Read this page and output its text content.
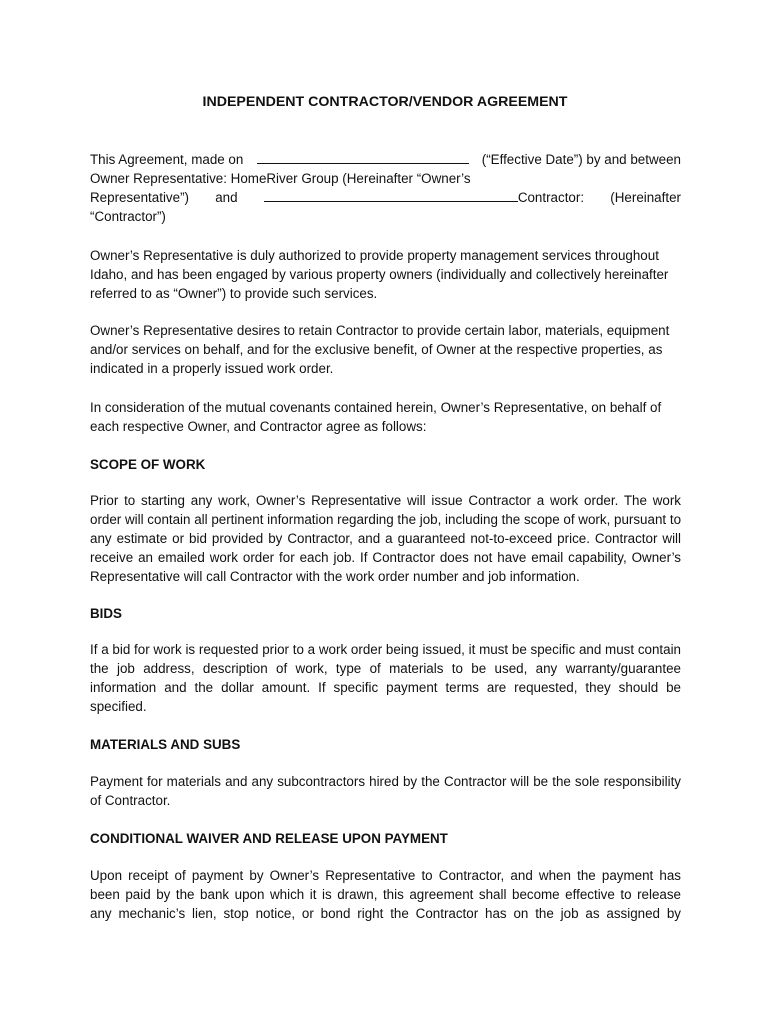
INDEPENDENT CONTRACTOR/VENDOR AGREEMENT
This Agreement, made on	(“Effective Date”) by and between
Owner Representative: HomeRiver Group (Hereinafter “Owner’s
Representative”) and	Contractor: (Hereinafter
“Contractor”)
Owner’s Representative is duly authorized to provide property management services throughout Idaho, and has been engaged by various property owners (individually and collectively hereinafter referred to as “Owner”) to provide such services.
Owner’s Representative desires to retain Contractor to provide certain labor, materials, equipment and/or services on behalf, and for the exclusive benefit, of Owner at the respective properties, as indicated in a properly issued work order.
In consideration of the mutual covenants contained herein, Owner’s Representative, on behalf of each respective Owner, and Contractor agree as follows:
SCOPE OF WORK
Prior to starting any work, Owner’s Representative will issue Contractor a work order. The work order will contain all pertinent information regarding the job, including the scope of work, pursuant to any estimate or bid provided by Contractor, and a guaranteed not-to-exceed price. Contractor will receive an emailed work order for each job. If Contractor does not have email capability, Owner’s Representative will call Contractor with the work order number and job information.
BIDS
If a bid for work is requested prior to a work order being issued, it must be specific and must contain the job address, description of work, type of materials to be used, any warranty/guarantee information and the dollar amount. If specific payment terms are requested, they should be specified.
MATERIALS AND SUBS
Payment for materials and any subcontractors hired by the Contractor will be the sole responsibility of Contractor.
CONDITIONAL WAIVER AND RELEASE UPON PAYMENT
Upon receipt of payment by Owner’s Representative to Contractor, and when the payment has
been paid by the bank upon which it is drawn, this agreement shall become effective to release
any mechanic’s lien, stop notice, or bond right the Contractor has on the job as assigned by
